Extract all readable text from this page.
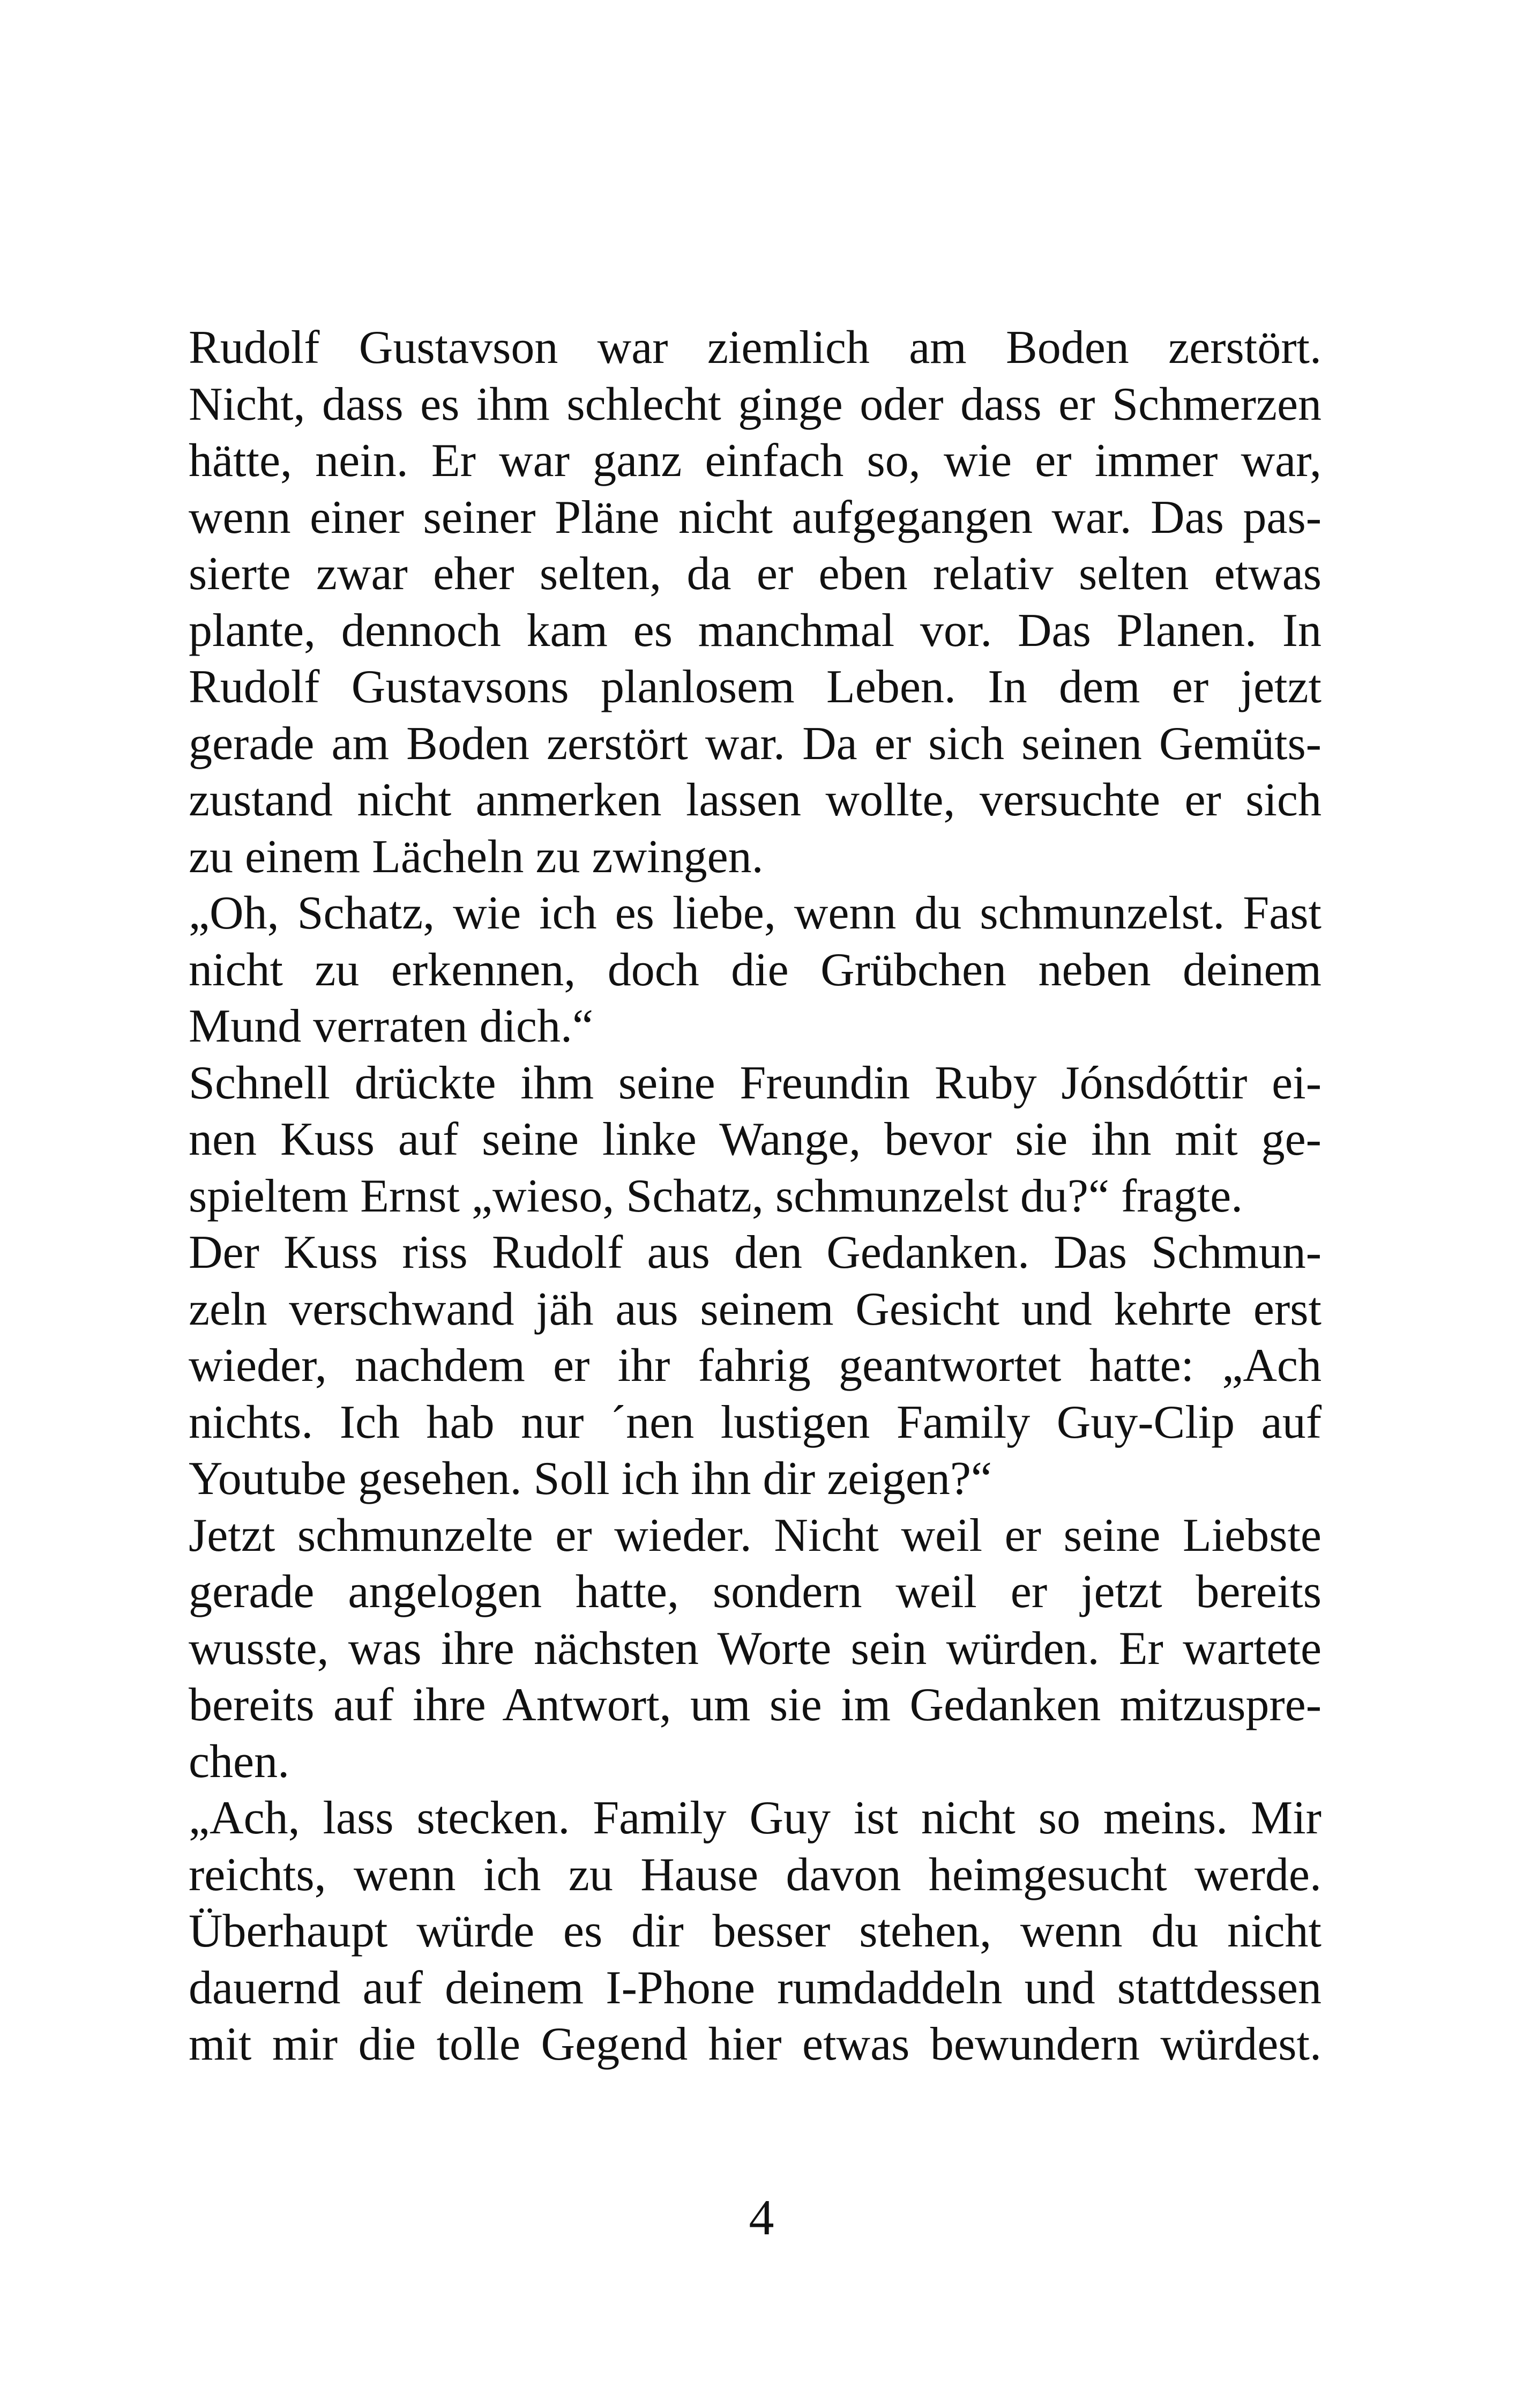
Rudolf Gustavson war ziemlich am Boden zerstört.
Nicht, dass es ihm schlecht ginge oder dass er Schmerzen
hätte, nein. Er war ganz einfach so, wie er immer war,
wenn einer seiner Pläne nicht aufgegangen war. Das pas-
sierte zwar eher selten, da er eben relativ selten etwas
plante, dennoch kam es manchmal vor. Das Planen. In
Rudolf Gustavsons planlosem Leben. In dem er jetzt
gerade am Boden zerstört war. Da er sich seinen Gemüts-
zustand nicht anmerken lassen wollte, versuchte er sich
zu einem Lächeln zu zwingen.
„Oh, Schatz, wie ich es liebe, wenn du schmunzelst. Fast
nicht zu erkennen, doch die Grübchen neben deinem
Mund verraten dich.“
Schnell drückte ihm seine Freundin Ruby Jónsdóttir ei-
nen Kuss auf seine linke Wange, bevor sie ihn mit ge-
spieltem Ernst „wieso, Schatz, schmunzelst du?“ fragte.
Der Kuss riss Rudolf aus den Gedanken. Das Schmun-
zeln verschwand jäh aus seinem Gesicht und kehrte erst
wieder, nachdem er ihr fahrig geantwortet hatte: „Ach
nichts. Ich hab nur ´nen lustigen Family Guy-Clip auf
Youtube gesehen. Soll ich ihn dir zeigen?“
Jetzt schmunzelte er wieder. Nicht weil er seine Liebste
gerade angelogen hatte, sondern weil er jetzt bereits
wusste, was ihre nächsten Worte sein würden. Er wartete
bereits auf ihre Antwort, um sie im Gedanken mitzuspre-
chen.
„Ach, lass stecken. Family Guy ist nicht so meins. Mir
reichts, wenn ich zu Hause davon heimgesucht werde.
Überhaupt würde es dir besser stehen, wenn du nicht
dauernd auf deinem I-Phone rumdaddeln und stattdessen
mit mir die tolle Gegend hier etwas bewundern würdest.
4
